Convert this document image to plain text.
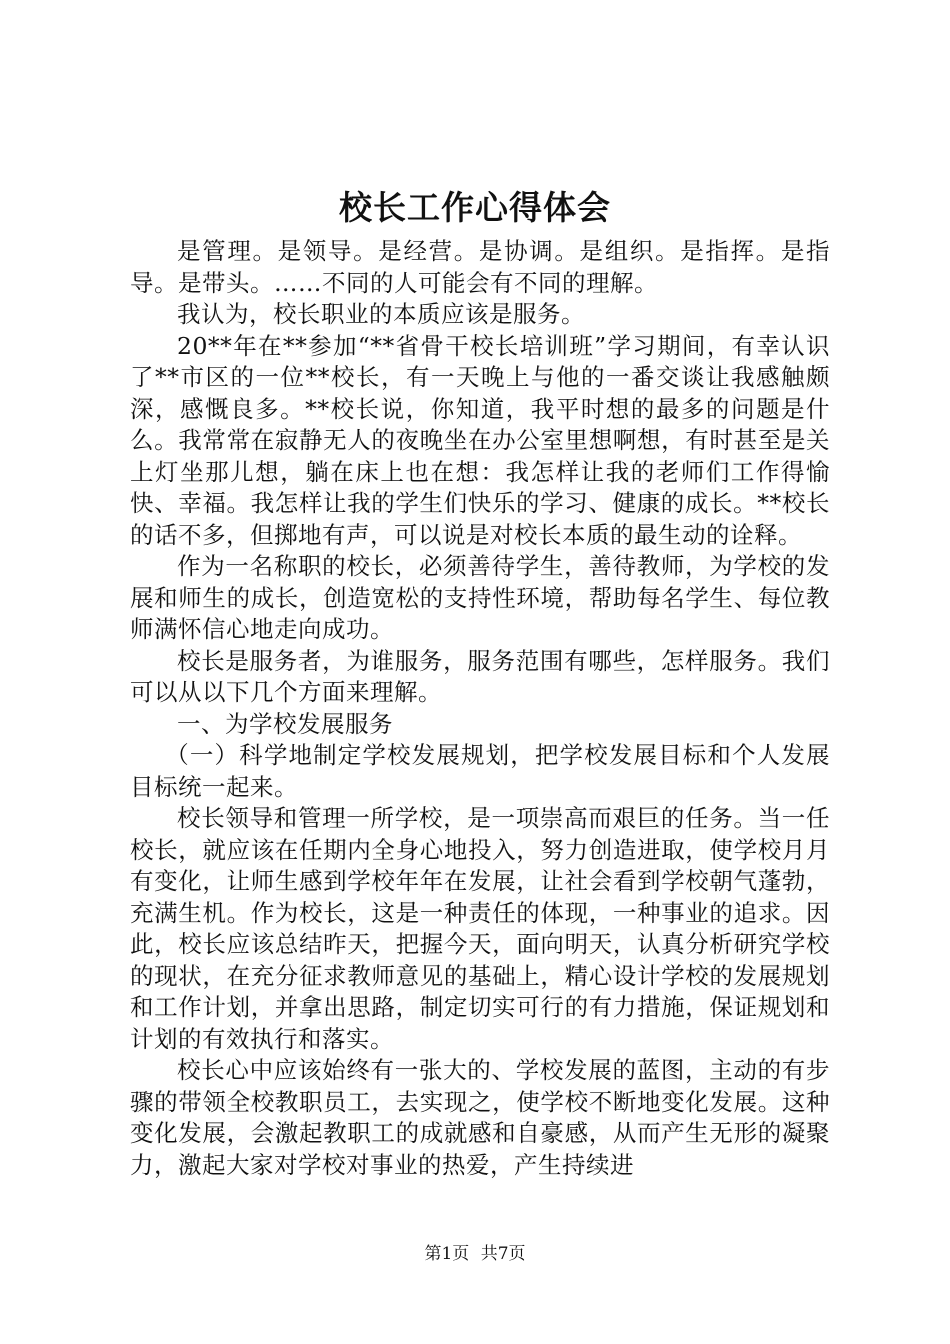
校长工作心得体会

是管理。是领导。是经营。是协调。是组织。是指挥。是指导。是带头。……不同的人可能会有不同的理解。

我认为，校长职业的本质应该是服务。

20**年在**参加“**省骨干校长培训班”学习期间，有幸认识了**市区的一位**校长，有一天晚上与他的一番交谈让我感触颇深，感慨良多。**校长说，你知道，我平时想的最多的问题是什么。我常常在寂静无人的夜晚坐在办公室里想啊想，有时甚至是关上灯坐那儿想，躺在床上也在想：我怎样让我的老师们工作得愉快、幸福。我怎样让我的学生们快乐的学习、健康的成长。**校长的话不多，但掷地有声，可以说是对校长本质的最生动的诠释。

作为一名称职的校长，必须善待学生，善待教师，为学校的发展和师生的成长，创造宽松的支持性环境，帮助每名学生、每位教师满怀信心地走向成功。

校长是服务者，为谁服务，服务范围有哪些，怎样服务。我们可以从以下几个方面来理解。

一、为学校发展服务

（一）科学地制定学校发展规划，把学校发展目标和个人发展目标统一起来。

校长领导和管理一所学校，是一项崇高而艰巨的任务。当一任校长，就应该在任期内全身心地投入，努力创造进取，使学校月月有变化，让师生感到学校年年在发展，让社会看到学校朝气蓬勃，充满生机。作为校长，这是一种责任的体现，一种事业的追求。因此，校长应该总结昨天，把握今天，面向明天，认真分析研究学校的现状，在充分征求教师意见的基础上，精心设计学校的发展规划和工作计划，并拿出思路，制定切实可行的有力措施，保证规划和计划的有效执行和落实。

校长心中应该始终有一张大的、学校发展的蓝图，主动的有步骤的带领全校教职员工，去实现之，使学校不断地变化发展。这种变化发展，会激起教职工的成就感和自豪感，从而产生无形的凝聚力，激起大家对学校对事业的热爱，产生持续进

第1页 共7页
